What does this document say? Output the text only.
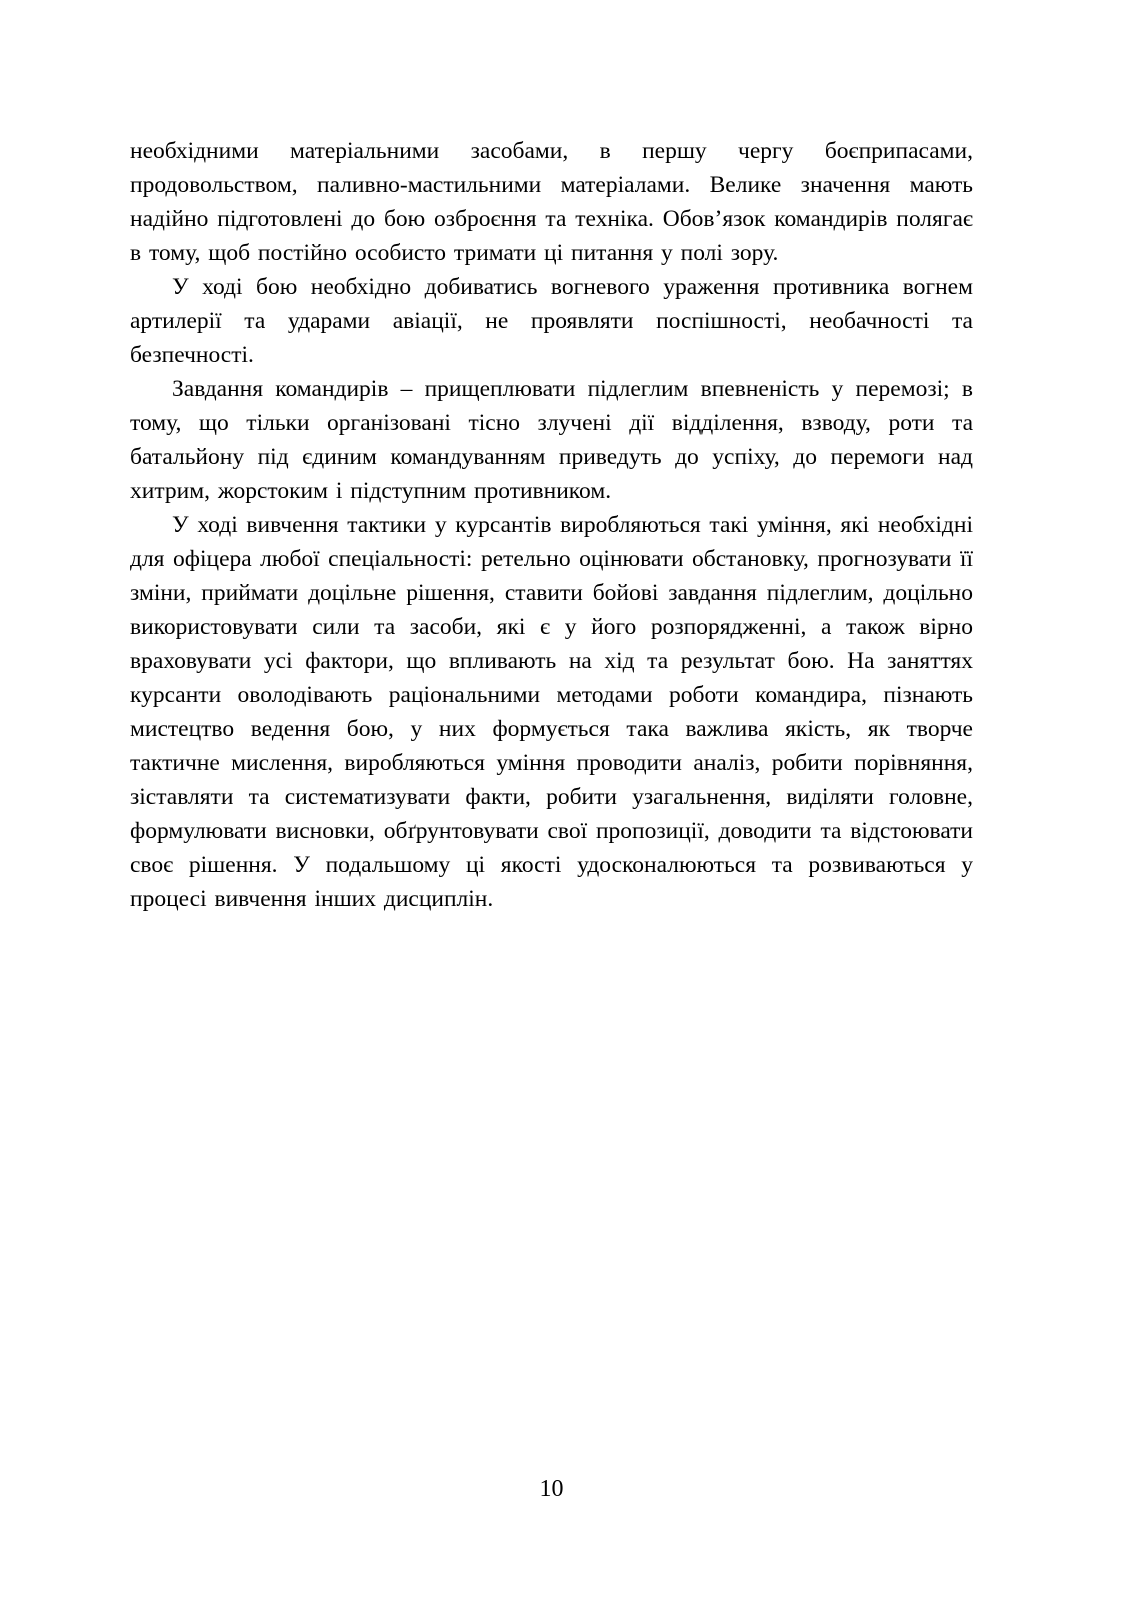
необхідними матеріальними засобами, в першу чергу боєприпасами, продовольством, паливно-мастильними матеріалами. Велике значення мають надійно підготовлені до бою озброєння та техніка. Обов’язок командирів полягає в тому, щоб постійно особисто тримати ці питання у полі зору.

У ході бою необхідно добиватись вогневого ураження противника вогнем артилерії та ударами авіації, не проявляти поспішності, необачності та безпечності.

Завдання командирів – прищеплювати підлеглим впевненість у перемозі; в тому, що тільки організовані тісно злучені дії відділення, взводу, роти та батальйону під єдиним командуванням приведуть до успіху, до перемоги над хитрим, жорстоким і підступним противником.

У ході вивчення тактики у курсантів виробляються такі уміння, які необхідні для офіцера любої спеціальності: ретельно оцінювати обстановку, прогнозувати її зміни, приймати доцільне рішення, ставити бойові завдання підлеглим, доцільно використовувати сили та засоби, які є у його розпорядженні, а також вірно враховувати усі фактори, що впливають на хід та результат бою. На заняттях курсанти оволодівають раціональними методами роботи командира, пізнають мистецтво ведення бою, у них формується така важлива якість, як творче тактичне мислення, виробляються уміння проводити аналіз, робити порівняння, зіставляти та систематизувати факти, робити узагальнення, виділяти головне, формулювати висновки, обґрунтовувати свої пропозиції, доводити та відстоювати своє рішення. У подальшому ці якості удосконалюються та розвиваються у процесі вивчення інших дисциплін.

10
